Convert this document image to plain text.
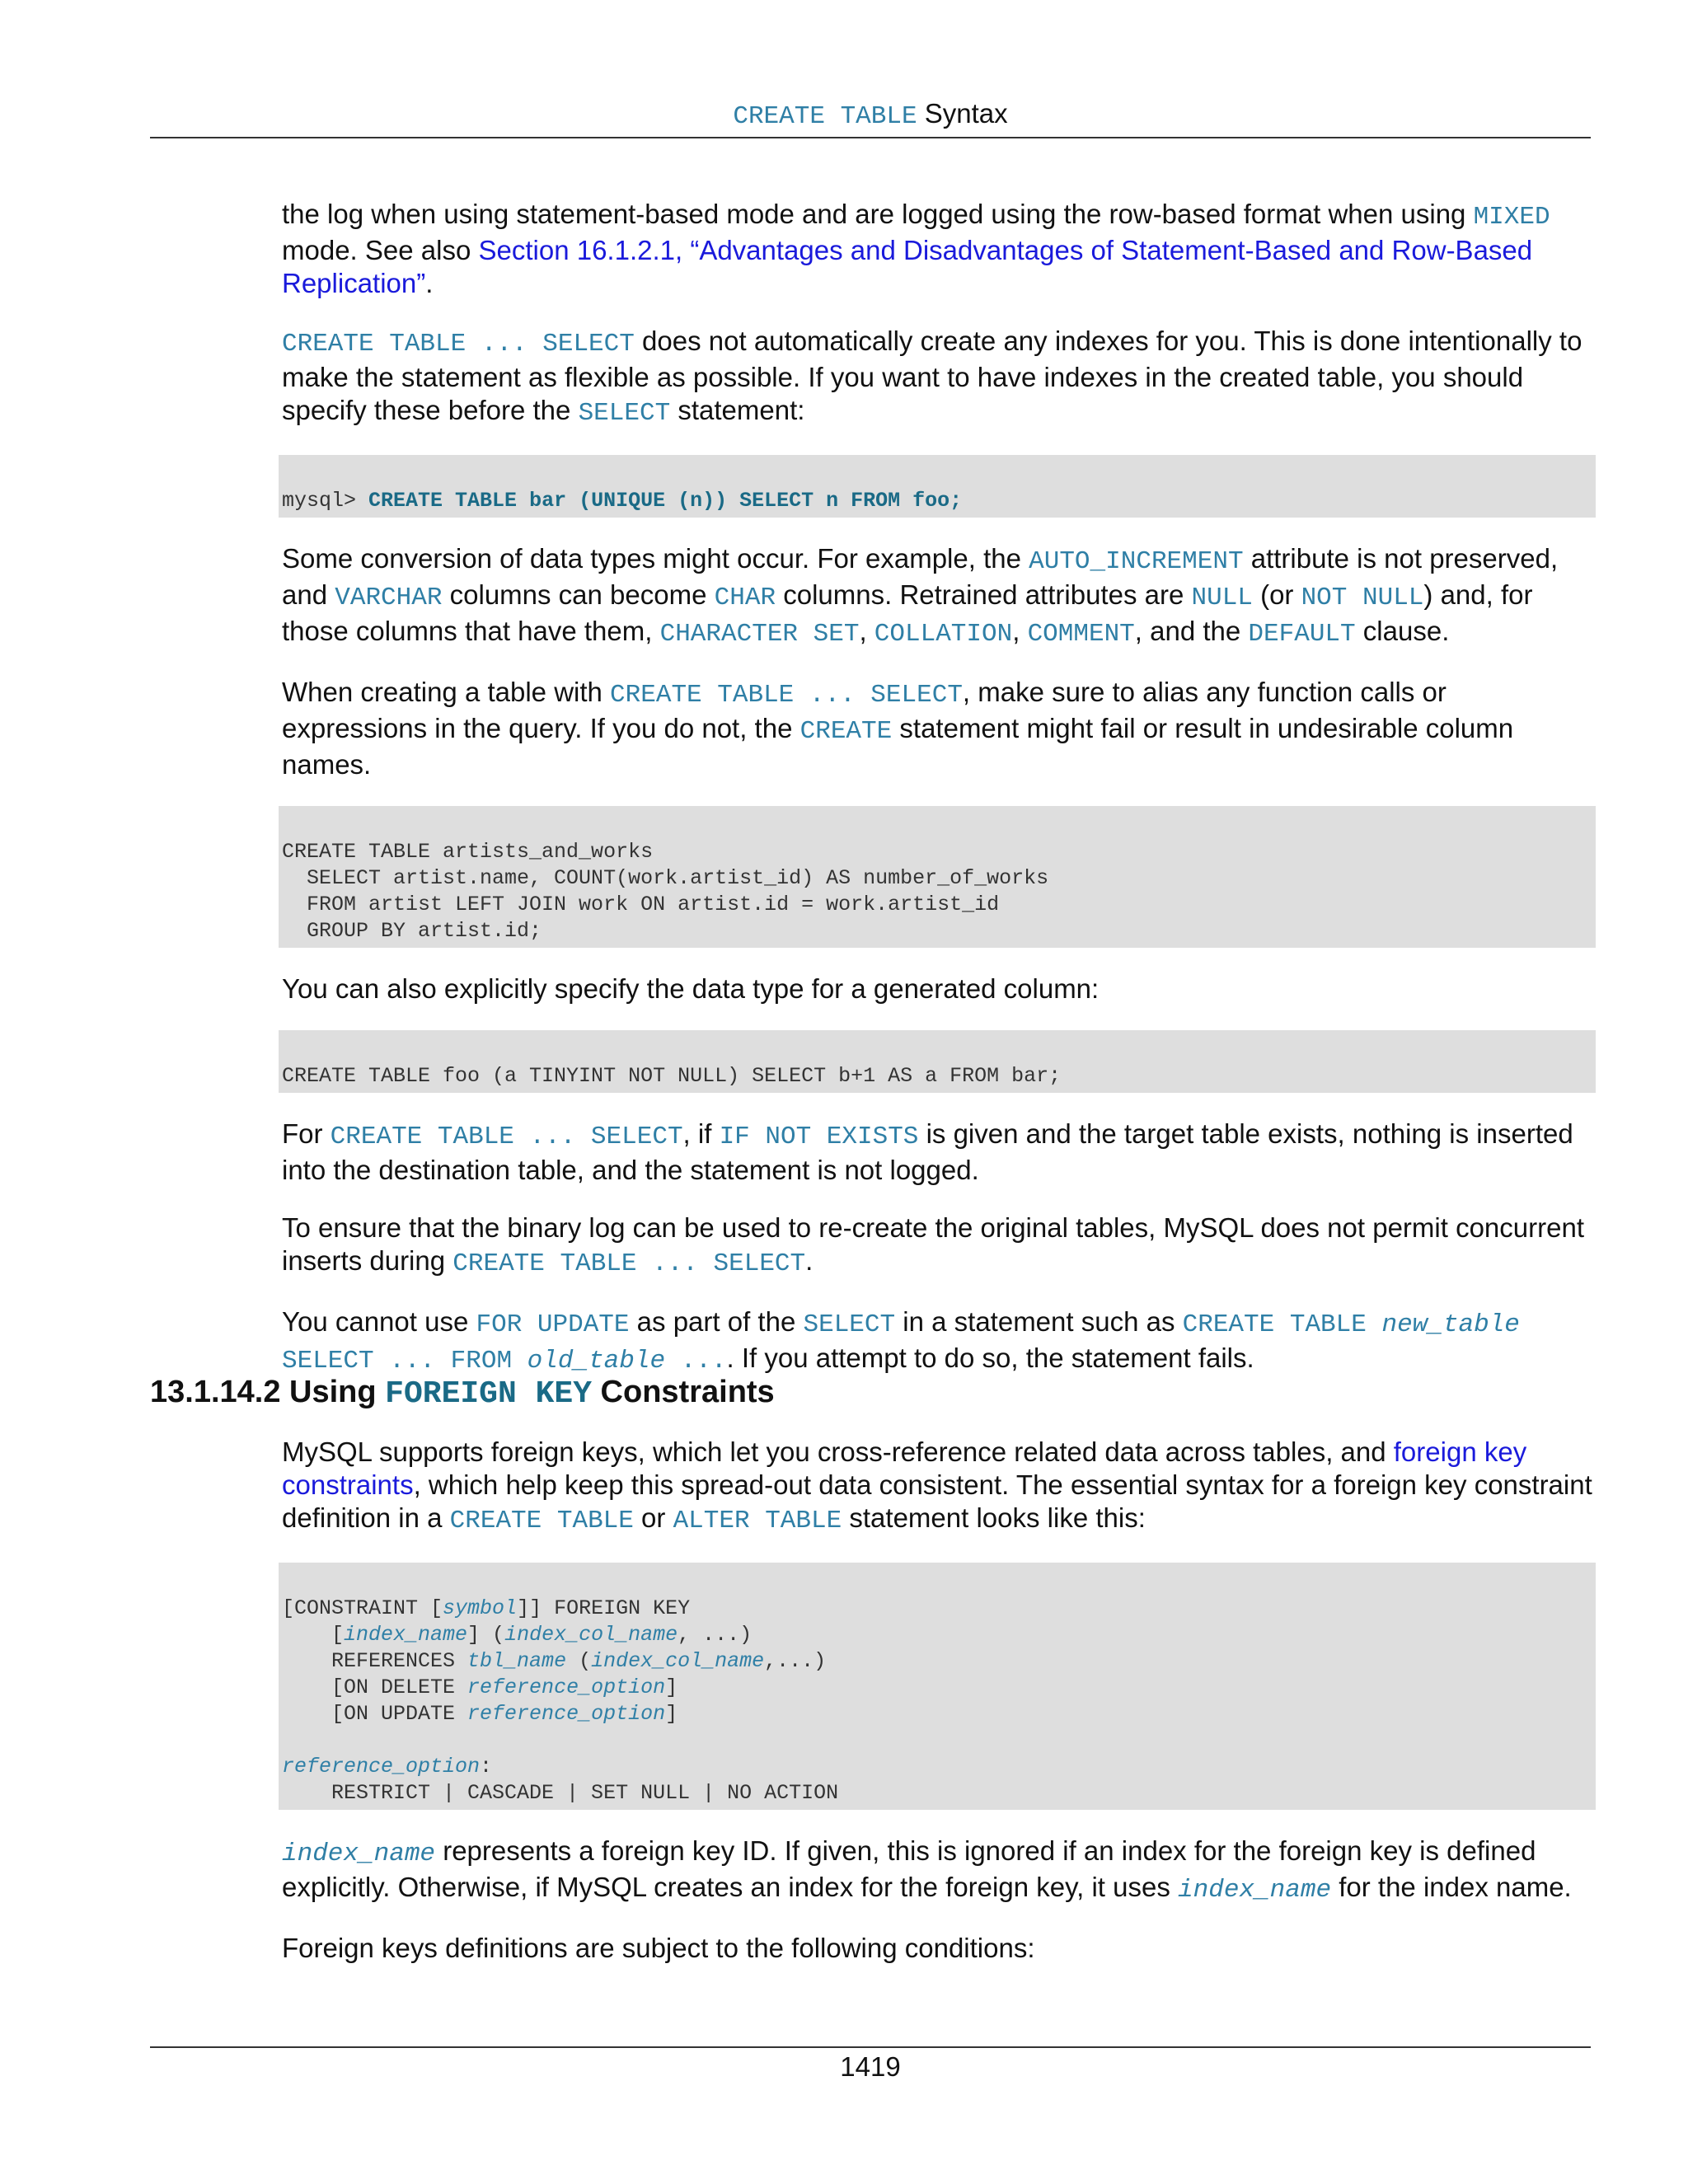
CREATE TABLE Syntax

the log when using statement-based mode and are logged using the row-based format when using MIXED mode. See also Section 16.1.2.1, “Advantages and Disadvantages of Statement-Based and Row-Based Replication”.

CREATE TABLE ... SELECT does not automatically create any indexes for you. This is done intentionally to make the statement as flexible as possible. If you want to have indexes in the created table, you should specify these before the SELECT statement:

mysql> CREATE TABLE bar (UNIQUE (n)) SELECT n FROM foo;

Some conversion of data types might occur. For example, the AUTO_INCREMENT attribute is not preserved, and VARCHAR columns can become CHAR columns. Retrained attributes are NULL (or NOT NULL) and, for those columns that have them, CHARACTER SET, COLLATION, COMMENT, and the DEFAULT clause.

When creating a table with CREATE TABLE ... SELECT, make sure to alias any function calls or expressions in the query. If you do not, the CREATE statement might fail or result in undesirable column names.

CREATE TABLE artists_and_works
SELECT artist.name, COUNT(work.artist_id) AS number_of_works
FROM artist LEFT JOIN work ON artist.id = work.artist_id
GROUP BY artist.id;

You can also explicitly specify the data type for a generated column:

CREATE TABLE foo (a TINYINT NOT NULL) SELECT b+1 AS a FROM bar;

For CREATE TABLE ... SELECT, if IF NOT EXISTS is given and the target table exists, nothing is inserted into the destination table, and the statement is not logged.

To ensure that the binary log can be used to re-create the original tables, MySQL does not permit concurrent inserts during CREATE TABLE ... SELECT.

You cannot use FOR UPDATE as part of the SELECT in a statement such as CREATE TABLE new_table SELECT ... FROM old_table .... If you attempt to do so, the statement fails.

13.1.14.2 Using FOREIGN KEY Constraints

MySQL supports foreign keys, which let you cross-reference related data across tables, and foreign key constraints, which help keep this spread-out data consistent. The essential syntax for a foreign key constraint definition in a CREATE TABLE or ALTER TABLE statement looks like this:

[CONSTRAINT [symbol]] FOREIGN KEY
[index_name] (index_col_name, ...)
REFERENCES tbl_name (index_col_name,...)
[ON DELETE reference_option]
[ON UPDATE reference_option]

reference_option:
RESTRICT | CASCADE | SET NULL | NO ACTION

index_name represents a foreign key ID. If given, this is ignored if an index for the foreign key is defined explicitly. Otherwise, if MySQL creates an index for the foreign key, it uses index_name for the index name.

Foreign keys definitions are subject to the following conditions:

1419
